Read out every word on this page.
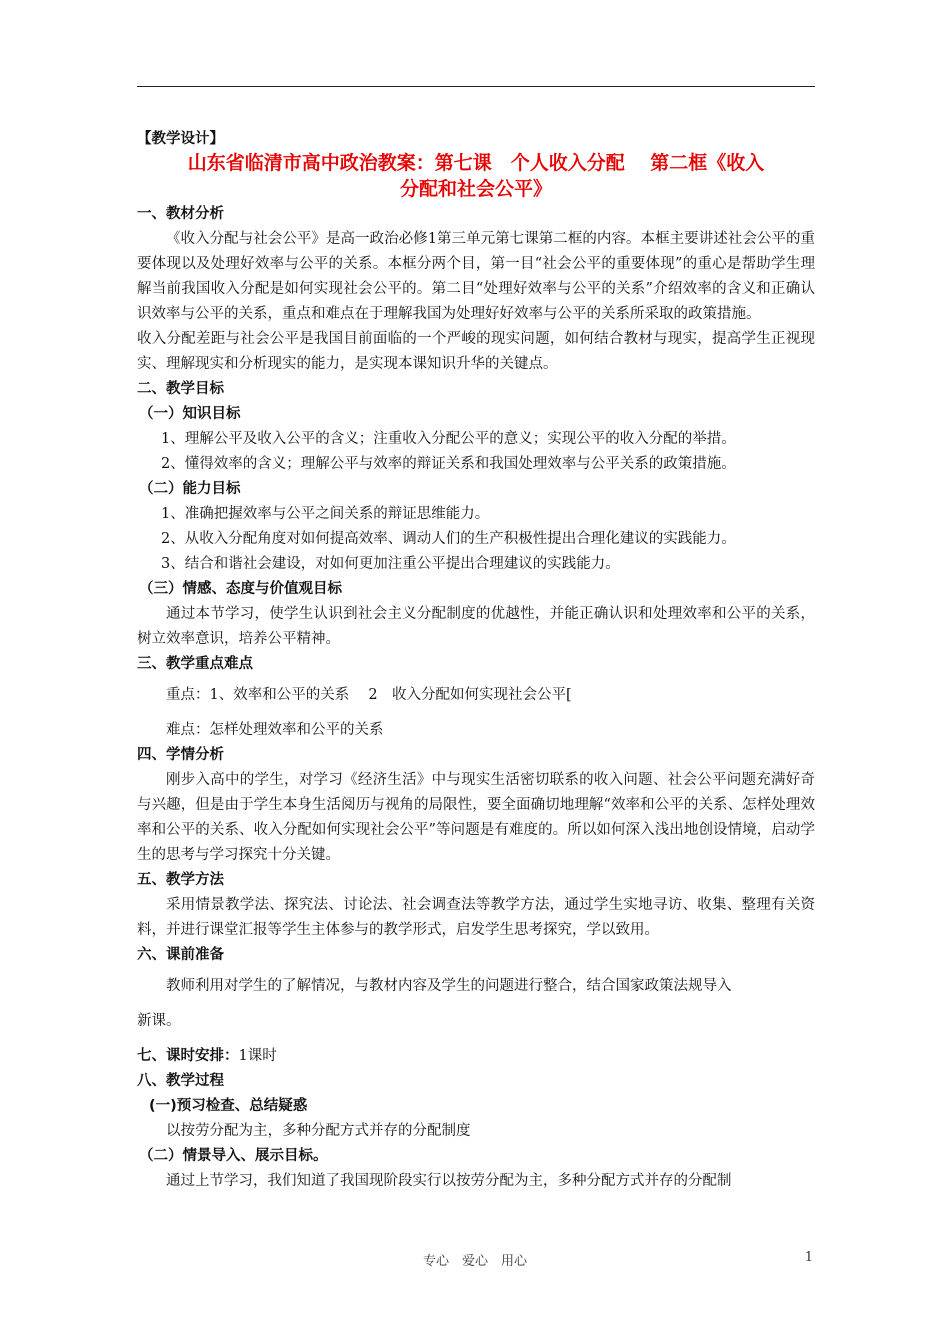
【教学设计】
山东省临清市高中政治教案：第七课　个人收入分配　 第二框《收入
分配和社会公平》
一、教材分析

《收入分配与社会公平》是高一政治必修1第三单元第七课第二框的内容。本框主要讲述社会公平的重要体现以及处理好效率与公平的关系。本框分两个目，第一目“社会公平的重要体现”的重心是帮助学生理解当前我国收入分配是如何实现社会公平的。第二目“处理好效率与公平的关系”介绍效率的含义和正确认识效率与公平的关系，重点和难点在于理解我国为处理好好效率与公平的关系所采取的政策措施。

收入分配差距与社会公平是我国目前面临的一个严峻的现实问题，如何结合教材与现实，提高学生正视现实、理解现实和分析现实的能力，是实现本课知识升华的关键点。

二、教学目标
（一）知识目标

1、理解公平及收入公平的含义；注重收入分配公平的意义；实现公平的收入分配的举措。

2、懂得效率的含义；理解公平与效率的辩证关系和我国处理效率与公平关系的政策措施。

（二）能力目标

1、准确把握效率与公平之间关系的辩证思维能力。

2、从收入分配角度对如何提高效率、调动人们的生产积极性提出合理化建议的实践能力。

3、结合和谐社会建设，对如何更加注重公平提出合理建议的实践能力。

（三）情感、态度与价值观目标

通过本节学习，使学生认识到社会主义分配制度的优越性，并能正确认识和处理效率和公平的关系，树立效率意识，培养公平精神。

三、教学重点难点

重点：1、效率和公平的关系　 2　收入分配如何实现社会公平[

难点：怎样处理效率和公平的关系

四、学情分析

刚步入高中的学生，对学习《经济生活》中与现实生活密切联系的收入问题、社会公平问题充满好奇与兴趣，但是由于学生本身生活阅历与视角的局限性，要全面确切地理解“效率和公平的关系、怎样处理效率和公平的关系、收入分配如何实现社会公平”等问题是有难度的。所以如何深入浅出地创设情境，启动学生的思考与学习探究十分关键。

五、教学方法

采用情景教学法、探究法、讨论法、社会调查法等教学方法，通过学生实地寻访、收集、整理有关资料，并进行课堂汇报等学生主体参与的教学形式，启发学生思考探究，学以致用。

六、课前准备

教师利用对学生的了解情况，与教材内容及学生的问题进行整合，结合国家政策法规导入

新课。

七、课时安排：1课时
八、教学过程
(一)预习检查、总结疑惑

以按劳分配为主，多种分配方式并存的分配制度

（二）情景导入、展示目标。

通过上节学习，我们知道了我国现阶段实行以按劳分配为主，多种分配方式并存的分配制

专心　爱心　用心	1
